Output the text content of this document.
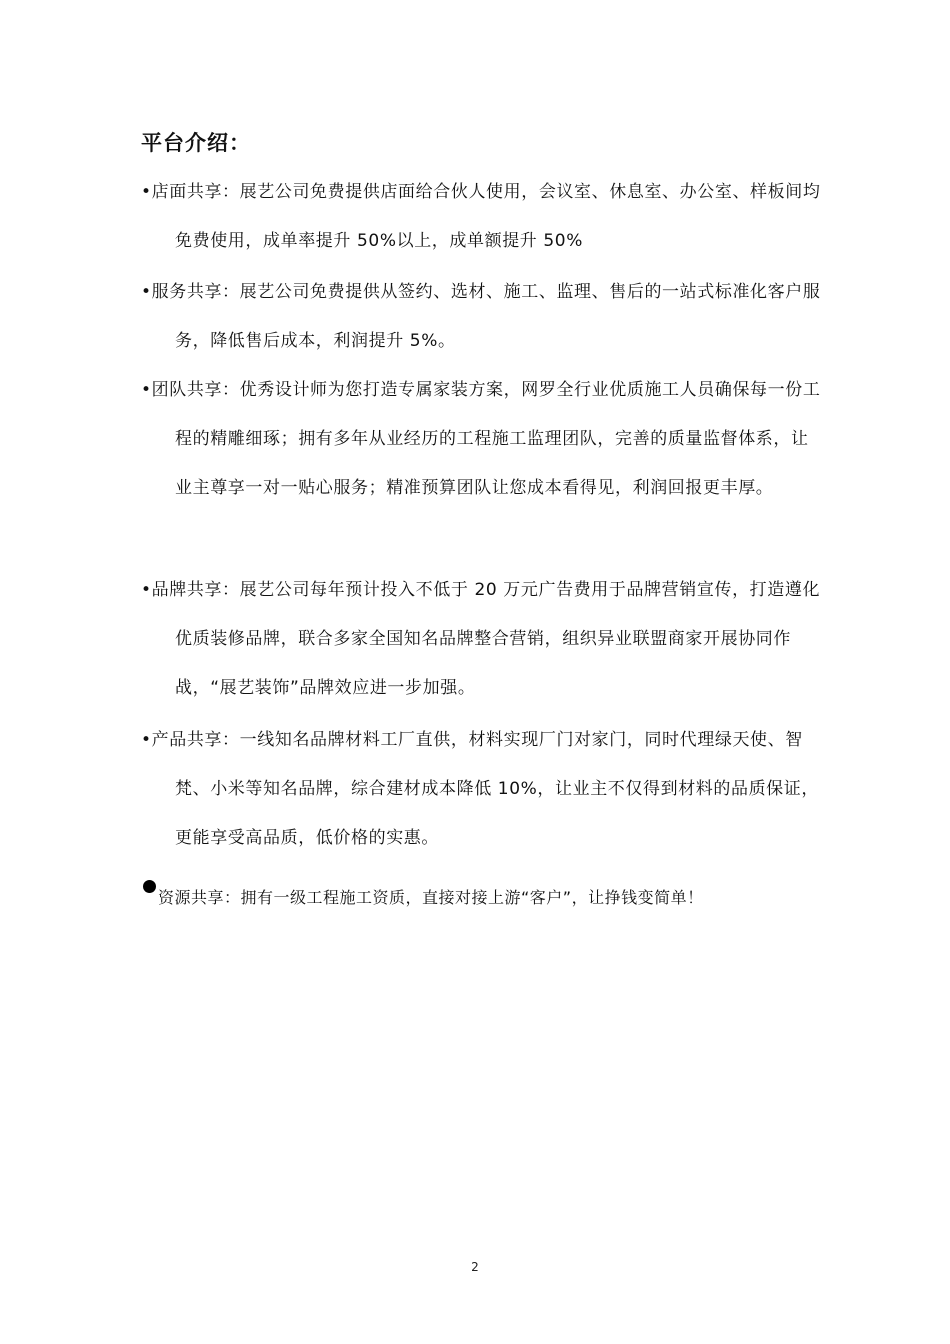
平台介绍：

•店面共享：展艺公司免费提供店面给合伙人使用，会议室、休息室、办公室、样板间均免费使用，成单率提升 50%以上，成单额提升 50%

•服务共享：展艺公司免费提供从签约、选材、施工、监理、售后的一站式标准化客户服务，降低售后成本，利润提升 5%。

•团队共享：优秀设计师为您打造专属家装方案，网罗全行业优质施工人员确保每一份工程的精雕细琢；拥有多年从业经历的工程施工监理团队，完善的质量监督体系，让业主尊享一对一贴心服务；精准预算团队让您成本看得见，利润回报更丰厚。

•品牌共享：展艺公司每年预计投入不低于 20 万元广告费用于品牌营销宣传，打造遵化优质装修品牌，联合多家全国知名品牌整合营销，组织异业联盟商家开展协同作战，“展艺装饰”品牌效应进一步加强。

•产品共享：一线知名品牌材料工厂直供，材料实现厂门对家门，同时代理绿天使、智梵、小米等知名品牌，综合建材成本降低 10%，让业主不仅得到材料的品质保证，更能享受高品质，低价格的实惠。

资源共享：拥有一级工程施工资质，直接对接上游“客户”，让挣钱变简单！

2
